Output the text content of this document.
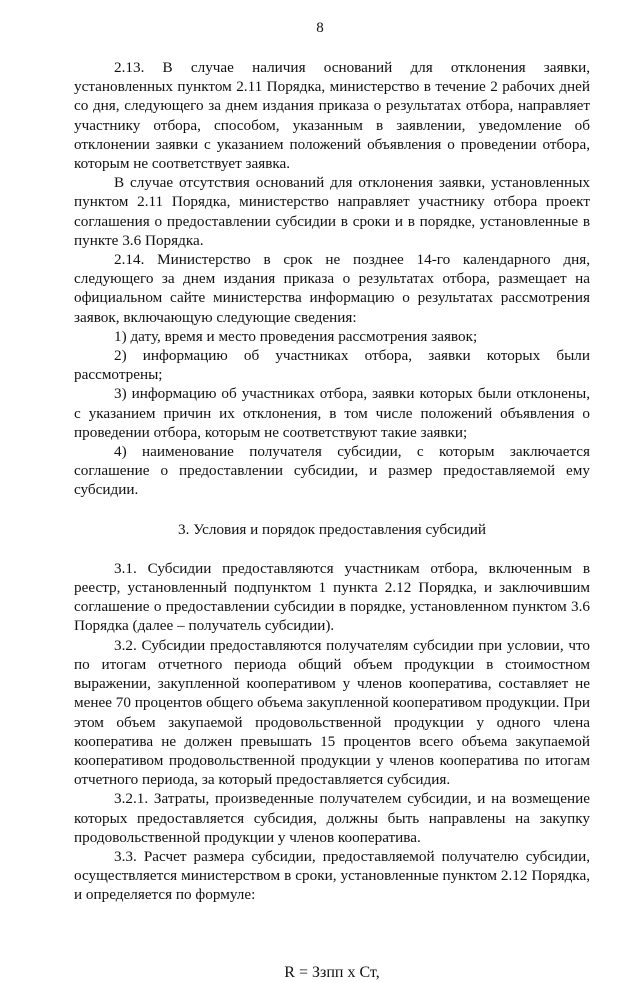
8

2.13. В случае наличия оснований для отклонения заявки, установленных пунктом 2.11 Порядка, министерство в течение 2 рабочих дней со дня, следующего за днем издания приказа о результатах отбора, направляет участнику отбора, способом, указанным в заявлении, уведомление об отклонении заявки с указанием положений объявления о проведении отбора, которым не соответствует заявка.

В случае отсутствия оснований для отклонения заявки, установленных пунктом 2.11 Порядка, министерство направляет участнику отбора проект соглашения о предоставлении субсидии в сроки и в порядке, установленные в пункте 3.6 Порядка.

2.14. Министерство в срок не позднее 14-го календарного дня, следующего за днем издания приказа о результатах отбора, размещает на официальном сайте министерства информацию о результатах рассмотрения заявок, включающую следующие сведения:

1) дату, время и место проведения рассмотрения заявок;

2) информацию об участниках отбора, заявки которых были рассмотрены;

3) информацию об участниках отбора, заявки которых были отклонены, с указанием причин их отклонения, в том числе положений объявления о проведении отбора, которым не соответствуют такие заявки;

4) наименование получателя субсидии, с которым заключается соглашение о предоставлении субсидии, и размер предоставляемой ему субсидии.

3. Условия и порядок предоставления субсидий

3.1. Субсидии предоставляются участникам отбора, включенным в реестр, установленный подпунктом 1 пункта 2.12 Порядка, и заключившим соглашение о предоставлении субсидии в порядке, установленном пунктом 3.6 Порядка (далее – получатель субсидии).

3.2. Субсидии предоставляются получателям субсидии при условии, что по итогам отчетного периода общий объем продукции в стоимостном выражении, закупленной кооперативом у членов кооператива, составляет не менее 70 процентов общего объема закупленной кооперативом продукции. При этом объем закупаемой продовольственной продукции у одного члена кооператива не должен превышать 15 процентов всего объема закупаемой кооперативом продовольственной продукции у членов кооператива по итогам отчетного периода, за который предоставляется субсидия.

3.2.1. Затраты, произведенные получателем субсидии, и на возмещение которых предоставляется субсидия, должны быть направлены на закупку продовольственной продукции у членов кооператива.

3.3. Расчет размера субсидии, предоставляемой получателю субсидии, осуществляется министерством в сроки, установленные пунктом 2.12 Порядка, и определяется по формуле:

R = Ззпп х Ст,
